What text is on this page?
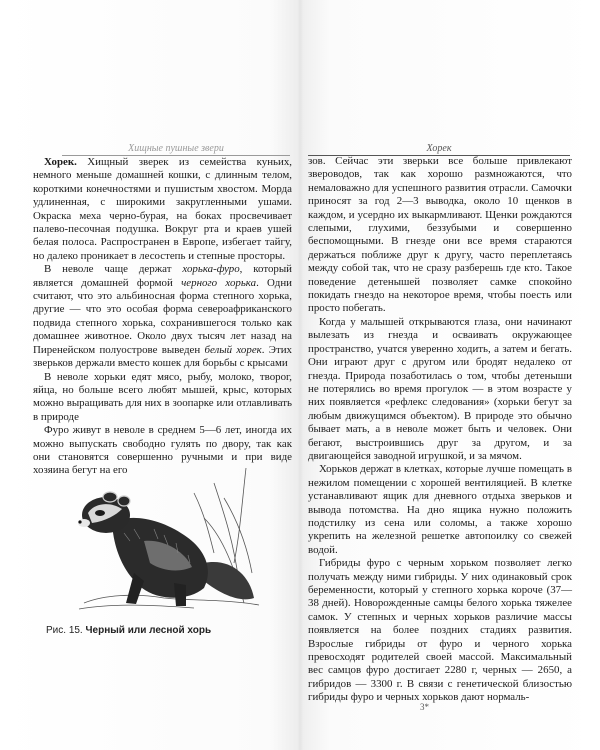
Хищные пушные звери

Хорек. Хищный зверек из семейства куньих, немного меньше домашней кошки, с длинным телом, короткими конечностями и пушистым хвостом. Морда удлиненная, с широкими закругленными ушами. Окраска меха черно-бурая, на боках просвечивает палево-песочная подушка. Вокруг рта и краев ушей белая полоса. Распространен в Европе, избегает тайгу, но далеко проникает в лесостепь и степные просторы.

В неволе чаще держат хорька-фуро, который является домашней формой черного хорька. Одни считают, что это альбиносная форма степного хорька, другие — что это особая форма североафриканского подвида степного хорька, сохранившегося только как домашнее животное. Около двух тысяч лет назад на Пиренейском полуострове выведен белый хорек. Этих зверьков держали вместо кошек для борьбы с крысами

В неволе хорьки едят мясо, рыбу, молоко, творог, яйца, но больше всего любят мышей, крыс, которых можно выращивать для них в зоопарке или отлавливать в природе

Фуро живут в неволе в среднем 5—6 лет, иногда их можно выпускать свободно гулять по двору, так как они становятся совершенно ручными и при виде хозяина бегут на его

Рис. 15. Черный или лесной хорь
Хорек

зов. Сейчас эти зверьки все больше привлекают звероводов, так как хорошо размножаются, что немаловажно для успешного развития отрасли. Самочки приносят за год 2—3 выводка, около 10 щенков в каждом, и усердно их выкармливают. Щенки рождаются слепыми, глухими, беззубыми и совершенно беспомощными. В гнезде они все время стараются держаться поближе друг к другу, часто переплетаясь между собой так, что не сразу разберешь где кто. Такое поведение детенышей позволяет самке спокойно покидать гнездо на некоторое время, чтобы поесть или просто побегать.

Когда у малышей открываются глаза, они начинают вылезать из гнезда и осваивать окружающее пространство, учатся уверенно ходить, а затем и бегать. Они играют друг с другом или бродят недалеко от гнезда. Природа позаботилась о том, чтобы детеныши не потерялись во время прогулок — в этом возрасте у них появляется «рефлекс следования» (хорьки бегут за любым движущимся объектом). В природе это обычно бывает мать, а в неволе может быть и человек. Они бегают, выстроившись друг за другом, и за двигающейся заводной игрушкой, и за мячом.

Хорьков держат в клетках, которые лучше помещать в нежилом помещении с хорошей вентиляцией. В клетке устанавливают ящик для дневного отдыха зверьков и вывода потомства. На дно ящика нужно положить подстилку из сена или соломы, а также хорошо укрепить на железной решетке автопоилку со свежей водой.

Гибриды фуро с черным хорьком позволяет легко получать между ними гибриды. У них одинаковый срок беременности, который у степного хорька короче (37—38 дней). Новорожденные самцы белого хорька тяжелее самок. У степных и черных хорьков различие массы появляется на более поздних стадиях развития. Взрослые гибриды от фуро и черного хорька превосходят родителей своей массой. Максимальный вес самцов фуро достигает 2280 г, черных — 2650, а гибридов — 3300 г. В связи с генетической близостью гибриды фуро и черных хорьков дают нормаль-

3*
